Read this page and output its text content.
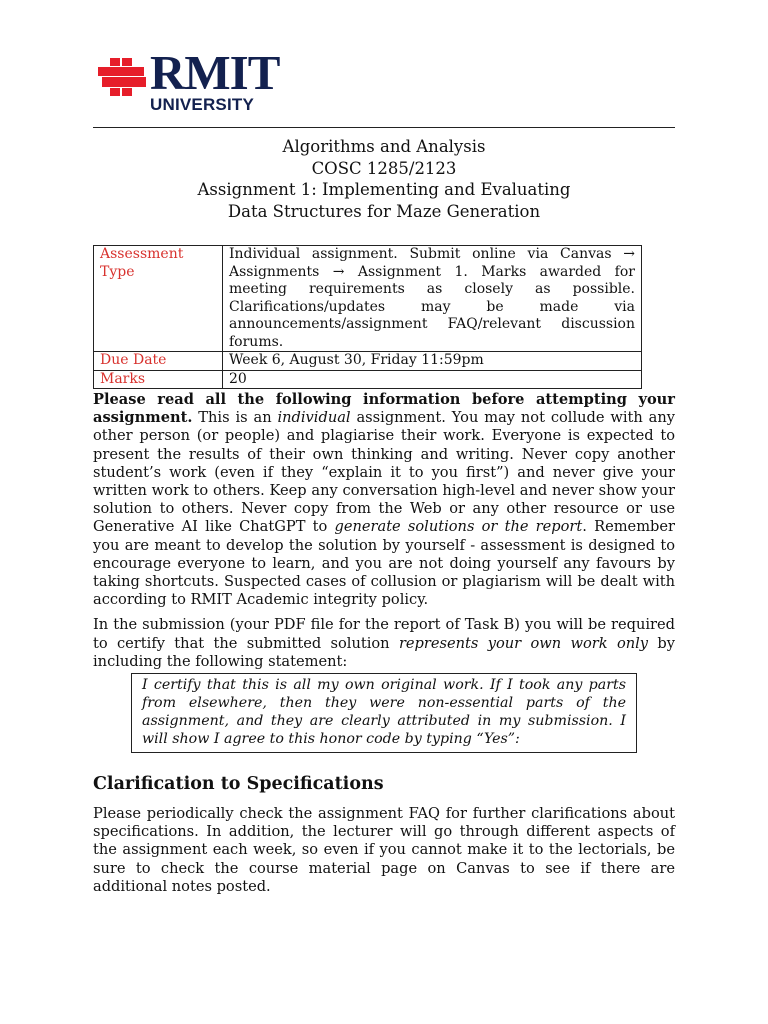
RMIT
UNIVERSITY
Algorithms and Analysis
COSC 1285/2123
Assignment 1: Implementing and Evaluating
Data Structures for Maze Generation
Assessment Type	Individual assignment. Submit online via Canvas → Assignments → Assignment 1. Marks awarded for meeting requirements as closely as possible. Clarifications/updates may be made via announcements/assignment FAQ/relevant discussion forums.
Due Date	Week 6, August 30, Friday 11:59pm
Marks	20

Please read all the following information before attempting your assignment. This is an individual assignment. You may not collude with any other person (or people) and plagiarise their work. Everyone is expected to present the results of their own thinking and writing. Never copy another student’s work (even if they “explain it to you first”) and never give your written work to others. Keep any conversation high-level and never show your solution to others. Never copy from the Web or any other resource or use Generative AI like ChatGPT to generate solutions or the report. Remember you are meant to develop the solution by yourself - assessment is designed to encourage everyone to learn, and you are not doing yourself any favours by taking shortcuts. Suspected cases of collusion or plagiarism will be dealt with according to RMIT Academic integrity policy.

In the submission (your PDF file for the report of Task B) you will be required to certify that the submitted solution represents your own work only by including the following statement:

I certify that this is all my own original work. If I took any parts from elsewhere, then they were non-essential parts of the assignment, and they are clearly attributed in my submission. I will show I agree to this honor code by typing “Yes”:
Clarification to Specifications

Please periodically check the assignment FAQ for further clarifications about specifications. In addition, the lecturer will go through different aspects of the assignment each week, so even if you cannot make it to the lectorials, be sure to check the course material page on Canvas to see if there are additional notes posted.
